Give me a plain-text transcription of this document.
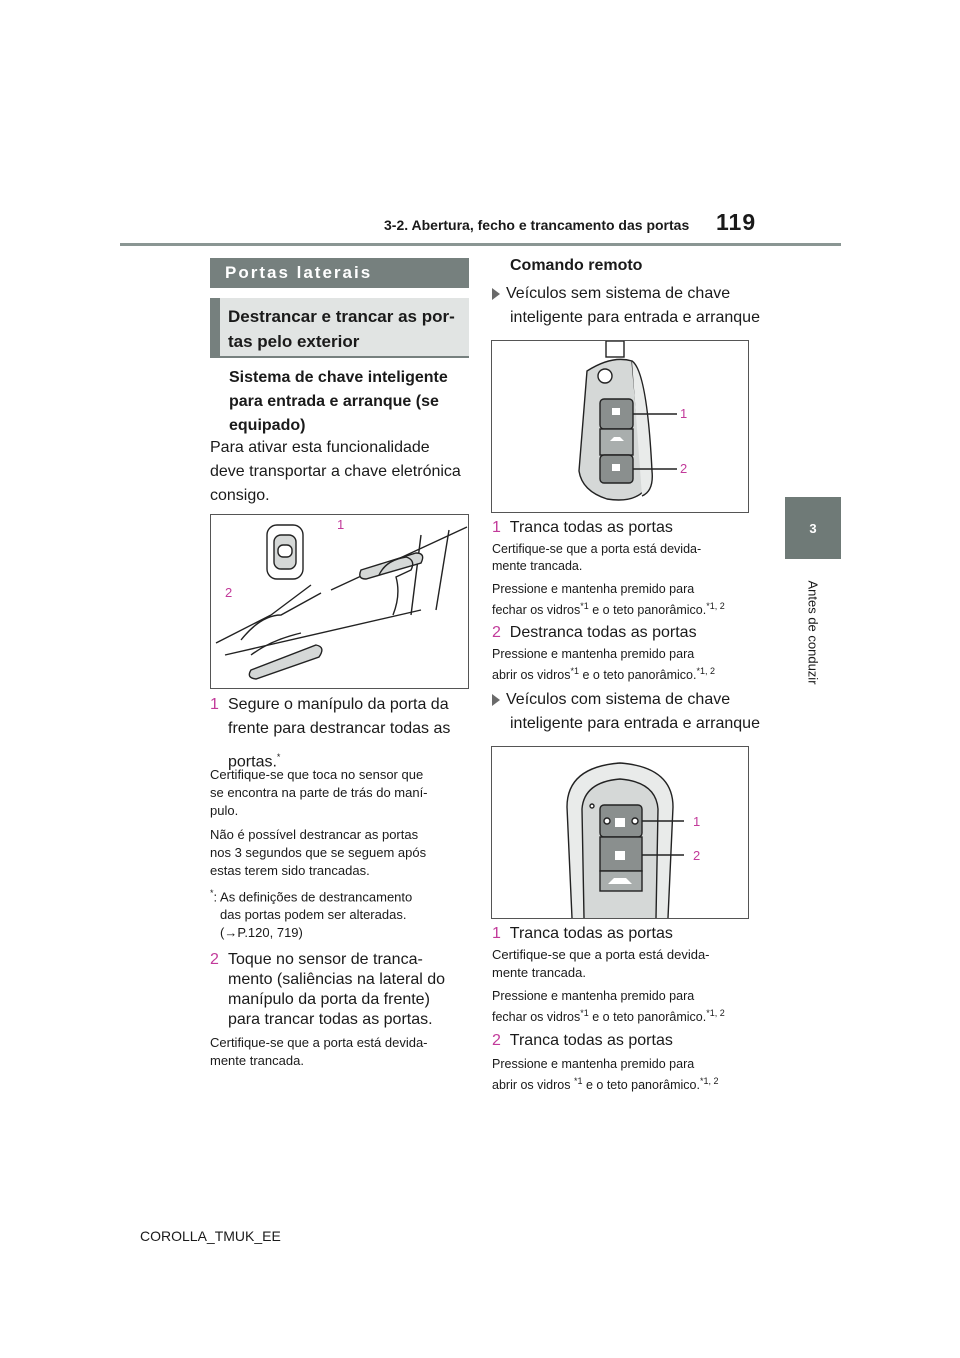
3-2. Abertura, fecho e trancamento das portas 119
3
Antes de conduzir
Portas laterais
Destrancar e trancar as por-
tas pelo exterior
Sistema de chave inteligente
para entrada e arranque (se
equipado)
Para ativar esta funcionalidade
deve transportar a chave eletrónica
consigo.
1
2
1 Segure o manípulo da porta da
frente para destrancar todas as
portas.*
Certifique-se que toca no sensor que
se encontra na parte de trás do maní-
pulo.
Não é possível destrancar as portas
nos 3 segundos que se seguem após
estas terem sido trancadas.
*: As definições de destrancamento
das portas podem ser alteradas.
(→P.120, 719)
2 Toque no sensor de tranca-
mento (saliências na lateral do
manípulo da porta da frente)
para trancar todas as portas.
Certifique-se que a porta está devida-
mente trancada.
Comando remoto
Veículos sem sistema de chave
inteligente para entrada e arranque
1
2
1 Tranca todas as portas
Certifique-se que a porta está devida-
mente trancada.
Pressione e mantenha premido para
fechar os vidros$^{*1}$ e o teto panorâmico.$^{*1, 2}$
2 Destranca todas as portas
Pressione e mantenha premido para
abrir os vidros$^{*1}$ e o teto panorâmico.$^{*1, 2}$
Veículos com sistema de chave
inteligente para entrada e arranque
1
2
1 Tranca todas as portas
Certifique-se que a porta está devida-
mente trancada.
Pressione e mantenha premido para
fechar os vidros$^{*1}$ e o teto panorâmico.$^{*1, 2}$
2 Tranca todas as portas
Pressione e mantenha premido para
abrir os vidros $^{*1}$ e o teto panorâmico.$^{*1, 2}$
COROLLA_TMUK_EE
